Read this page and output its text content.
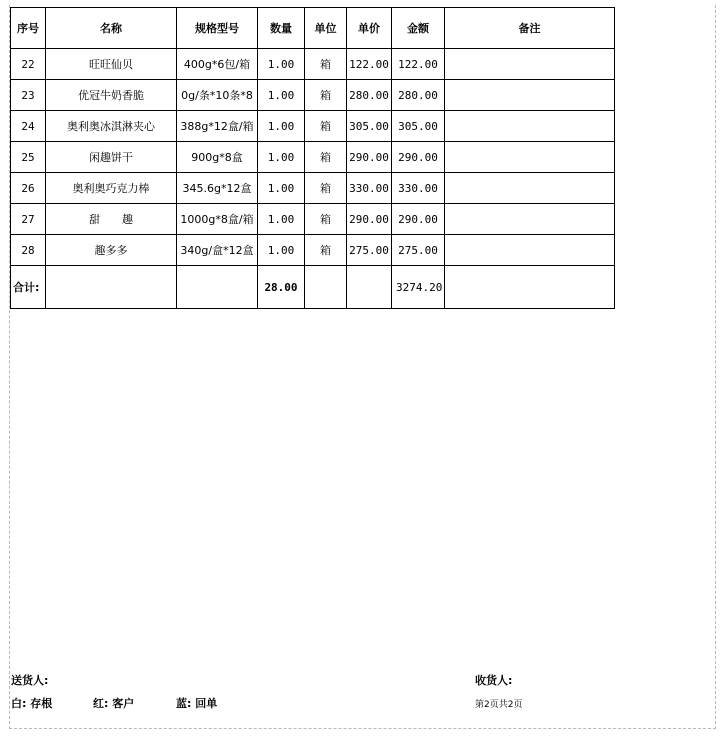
序号	名称	规格型号	数量	单位	单价	金额	备注
22	旺旺仙贝	400g*6包/箱	1.00	箱	122.00	122.00	
23	优冠牛奶香脆	0g/条*10条*8	1.00	箱	280.00	280.00	
24	奥利奥冰淇淋夹心	388g*12盒/箱	1.00	箱	305.00	305.00	
25	闲趣饼干	900g*8盒	1.00	箱	290.00	290.00	
26	奥利奥巧克力棒	345.6g*12盒	1.00	箱	330.00	330.00	
27	甜　　趣	1000g*8盒/箱	1.00	箱	290.00	290.00	
28	趣多多	340g/盒*12盒	1.00	箱	275.00	275.00	
合计:			28.00			3274.20	
送货人:	收货人:
白: 存根	红: 客户	蓝: 回单	第2页共2页
